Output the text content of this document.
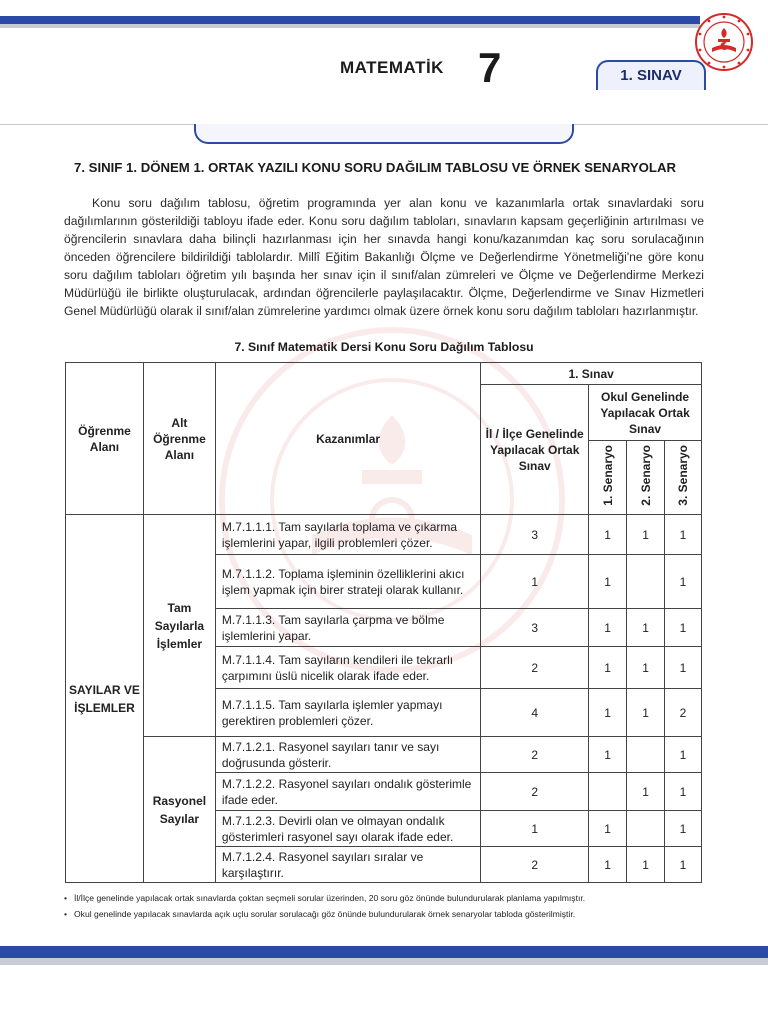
MATEMATİK 7	1. SINAV
7. SINIF 1. DÖNEM 1. ORTAK YAZILI KONU SORU DAĞILIM TABLOSU VE ÖRNEK SENARYOLAR

Konu soru dağılım tablosu, öğretim programında yer alan konu ve kazanımlarla ortak sınavlardaki soru dağılımlarının gösterildiği tabloyu ifade eder. Konu soru dağılım tabloları, sınavların kapsam geçerliğinin artırılması ve öğrencilerin sınavlara daha bilinçli hazırlanması için her sınavda hangi konu/kazanımdan kaç soru sorulacağının önceden öğrencilere bildirildiği tablolardır. Millî Eğitim Bakanlığı Ölçme ve Değerlendirme Yönetmeliği'ne göre konu soru dağılım tabloları öğretim yılı başında her sınav için il sınıf/alan zümreleri ve Ölçme ve Değerlendirme Merkezi Müdürlüğü ile birlikte oluşturulacak, ardından öğrencilerle paylaşılacaktır. Ölçme, Değerlendirme ve Sınav Hizmetleri Genel Müdürlüğü olarak il sınıf/alan zümrelerine yardımcı olmak üzere örnek konu soru dağılım tabloları hazırlanmıştır.

7. Sınıf Matematik Dersi Konu Soru Dağılım Tablosu
Öğrenme Alanı	Alt Öğrenme Alanı	Kazanımlar	1. Sınav			
			İl / İlçe Genelinde Yapılacak Ortak Sınav	Okul Genelinde Yapılacak Ortak Sınav		
				1. Senaryo	2. Senaryo	3. Senaryo
SAYILAR VE İŞLEMLER	Tam Sayılarla İşlemler	M.7.1.1.1. Tam sayılarla toplama ve çıkarma işlemlerini yapar, ilgili problemleri çözer.	3	1	1	1
		M.7.1.1.2. Toplama işleminin özelliklerini akıcı işlem yapmak için birer strateji olarak kullanır.	1	1		1
		M.7.1.1.3. Tam sayılarla çarpma ve bölme işlemlerini yapar.	3	1	1	1
		M.7.1.1.4. Tam sayıların kendileri ile tekrarlı çarpımını üslü nicelik olarak ifade eder.	2	1	1	1
		M.7.1.1.5. Tam sayılarla işlemler yapmayı gerektiren problemleri çözer.	4	1	1	2
	Rasyonel Sayılar	M.7.1.2.1. Rasyonel sayıları tanır ve sayı doğrusunda gösterir.	2	1		1
		M.7.1.2.2. Rasyonel sayıları ondalık gösterimle ifade eder.	2		1	1
		M.7.1.2.3. Devirli olan ve olmayan ondalık gösterimleri rasyonel sayı olarak ifade eder.	1	1		1
		M.7.1.2.4. Rasyonel sayıları sıralar ve karşılaştırır.	2	1	1	1
• İl/İlçe genelinde yapılacak ortak sınavlarda çoktan seçmeli sorular üzerinden, 20 soru göz önünde bulundurularak planlama yapılmıştır.
• Okul genelinde yapılacak sınavlarda açık uçlu sorular sorulacağı göz önünde bulundurularak örnek senaryolar tabloda gösterilmiştir.
